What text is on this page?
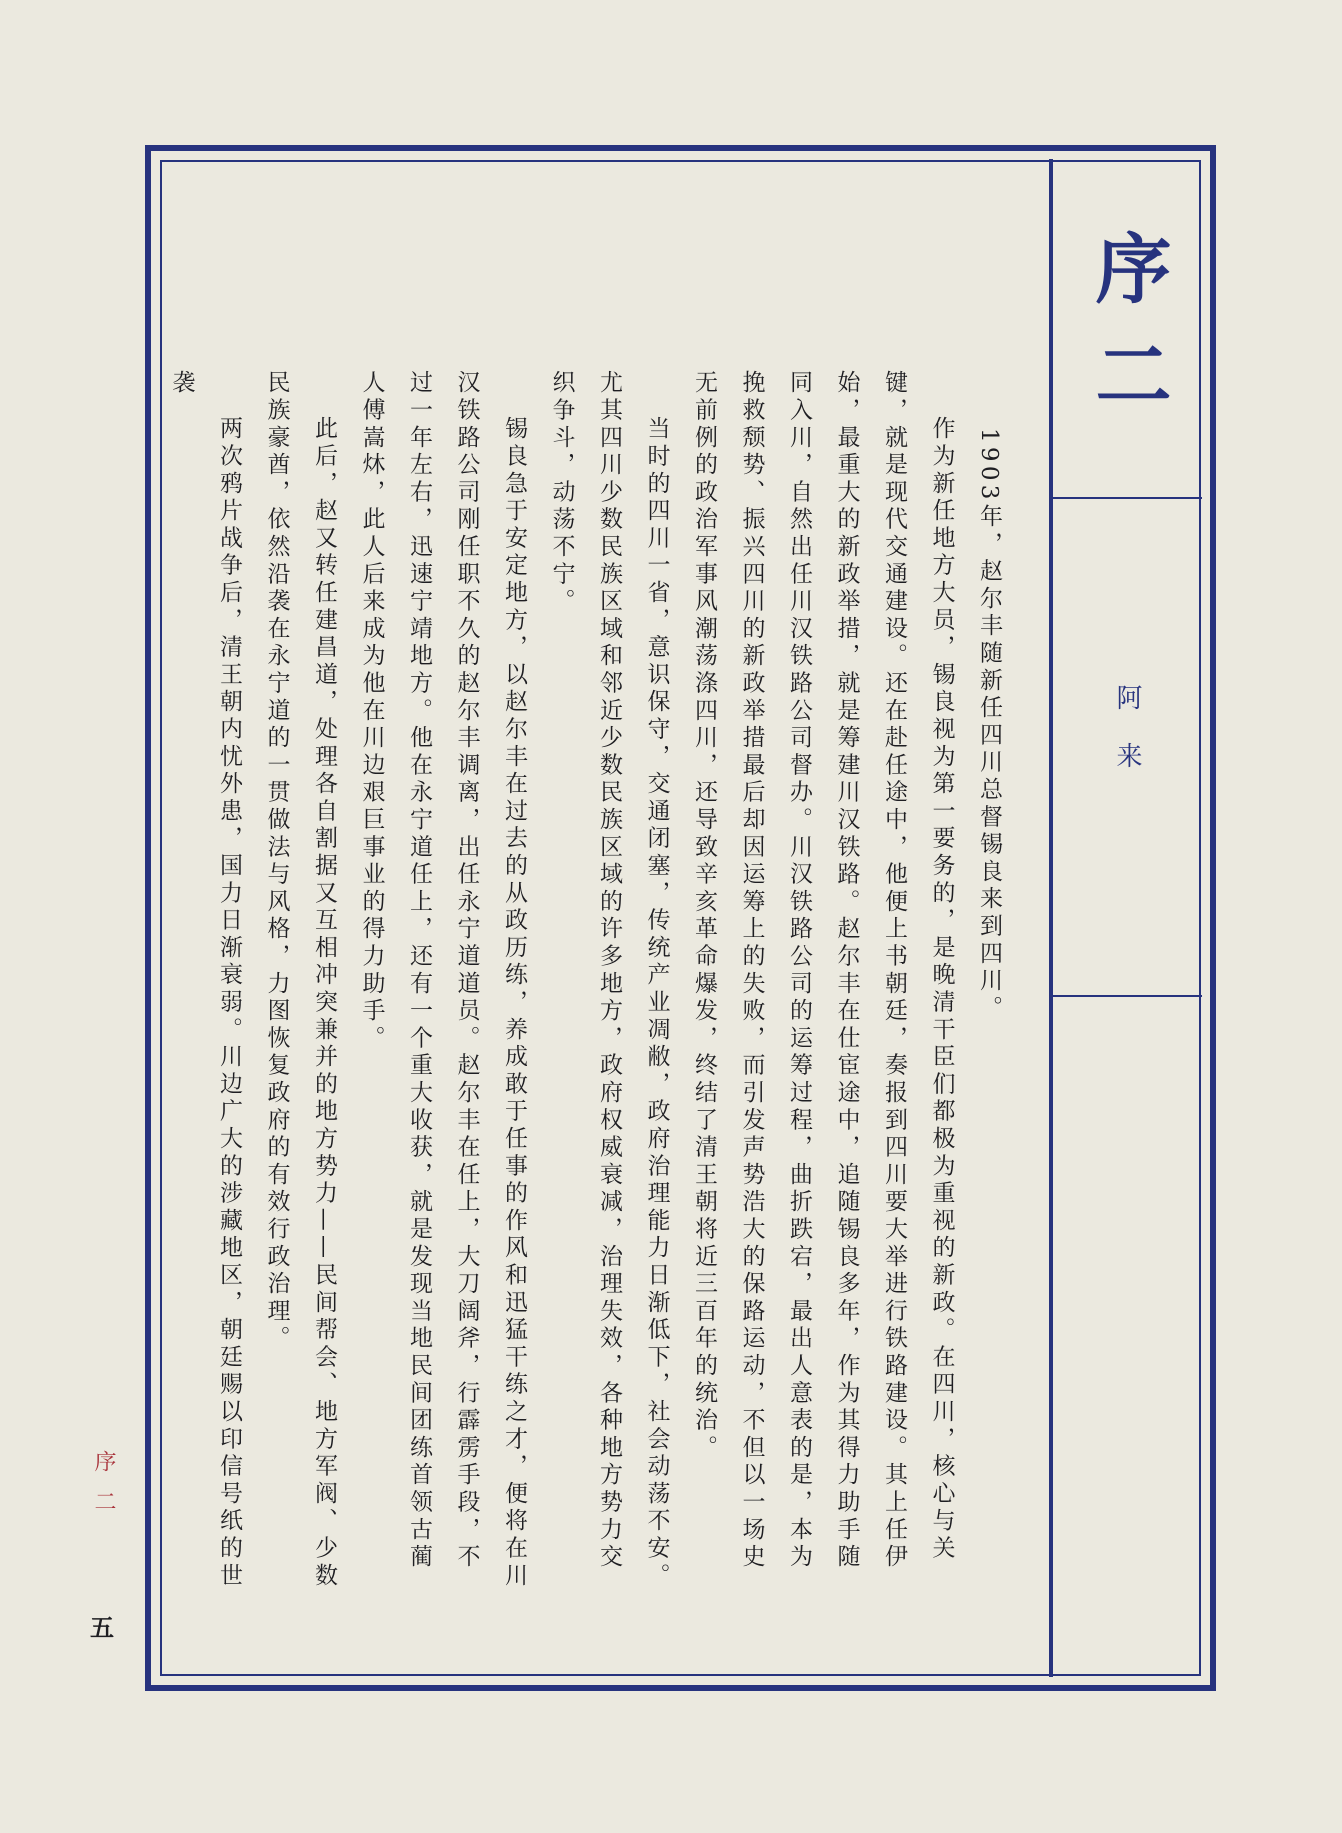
序二
阿来

1903年，赵尔丰随新任四川总督锡良来到四川。

作为新任地方大员，锡良视为第一要务的，是晚清干臣们都极为重视的新政。在四川，核心与关键，就是现代交通建设。还在赴任途中，他便上书朝廷，奏报到四川要大举进行铁路建设。其上任伊始，最重大的新政举措，就是筹建川汉铁路。赵尔丰在仕宦途中，追随锡良多年，作为其得力助手随同入川，自然出任川汉铁路公司督办。川汉铁路公司的运筹过程，曲折跌宕，最出人意表的是，本为挽救颓势、振兴四川的新政举措最后却因运筹上的失败，而引发声势浩大的保路运动，不但以一场史无前例的政治军事风潮荡涤四川，还导致辛亥革命爆发，终结了清王朝将近三百年的统治。

当时的四川一省，意识保守，交通闭塞，传统产业凋敝，政府治理能力日渐低下，社会动荡不安。尤其四川少数民族区域和邻近少数民族区域的许多地方，政府权威衰减，治理失效，各种地方势力交织争斗，动荡不宁。

锡良急于安定地方，以赵尔丰在过去的从政历练，养成敢于任事的作风和迅猛干练之才，便将在川汉铁路公司刚任职不久的赵尔丰调离，出任永宁道道员。赵尔丰在任上，大刀阔斧，行霹雳手段，不过一年左右，迅速宁靖地方。他在永宁道任上，还有一个重大收获，就是发现当地民间团练首领古蔺人傅嵩炑，此人后来成为他在川边艰巨事业的得力助手。

此后，赵又转任建昌道，处理各自割据又互相冲突兼并的地方势力——民间帮会、地方军阀、少数民族豪酋，依然沿袭在永宁道的一贯做法与风格，力图恢复政府的有效行政治理。

两次鸦片战争后，清王朝内忧外患，国力日渐衰弱。川边广大的涉藏地区，朝廷赐以印信号纸的世袭

序二
五
